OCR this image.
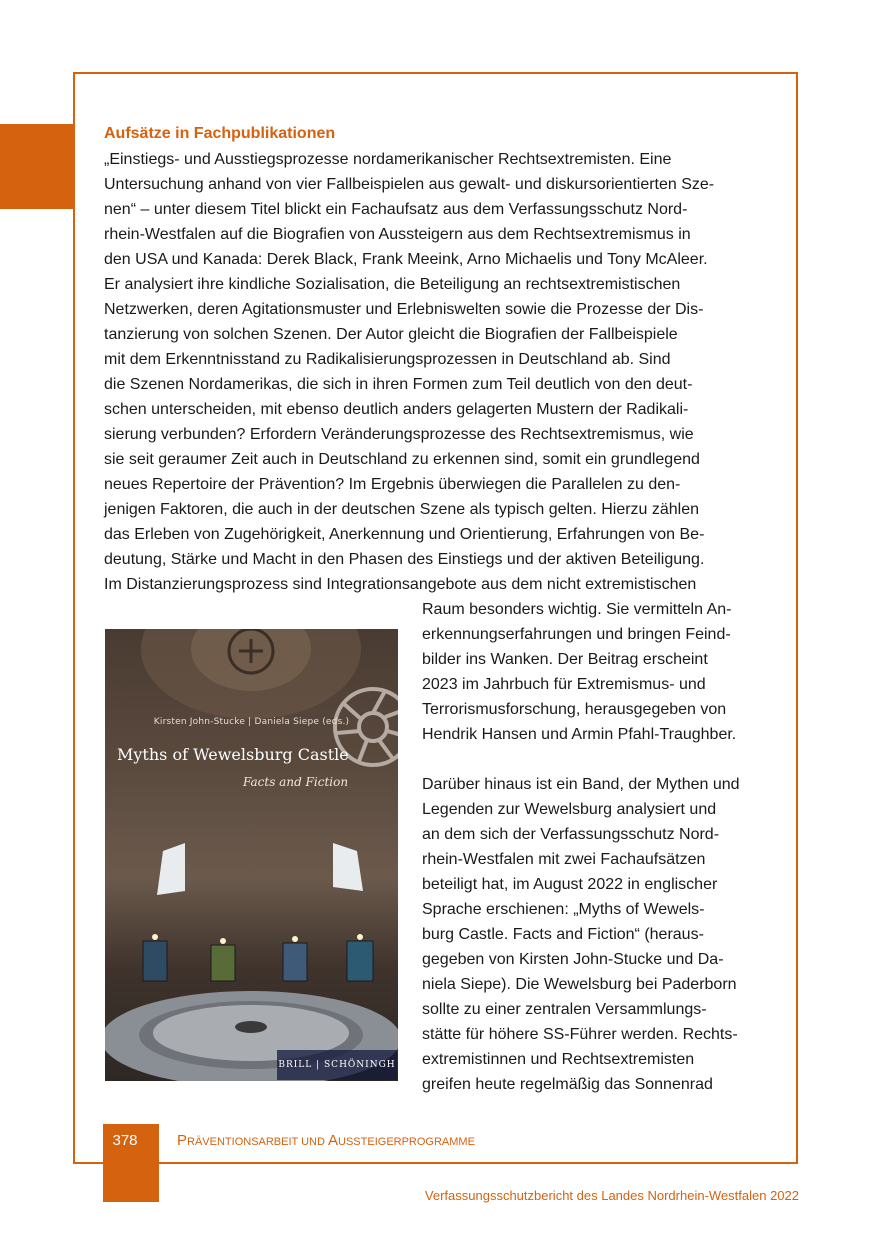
Aufsätze in Fachpublikationen
„Einstiegs- und Ausstiegsprozesse nordamerikanischer Rechtsextremisten. Eine
Untersuchung anhand von vier Fallbeispielen aus gewalt- und diskursorientierten Sze-
nen“ – unter diesem Titel blickt ein Fachaufsatz aus dem Verfassungsschutz Nord-
rhein-Westfalen auf die Biografien von Aussteigern aus dem Rechtsextremismus in
den USA und Kanada: Derek Black, Frank Meeink, Arno Michaelis und Tony McAleer.
Er analysiert ihre kindliche Sozialisation, die Beteiligung an rechtsextremistischen
Netzwerken, deren Agitationsmuster und Erlebniswelten sowie die Prozesse der Dis-
tanzierung von solchen Szenen. Der Autor gleicht die Biografien der Fallbeispiele
mit dem Erkenntnisstand zu Radikalisierungsprozessen in Deutschland ab. Sind
die Szenen Nordamerikas, die sich in ihren Formen zum Teil deutlich von den deut-
schen unterscheiden, mit ebenso deutlich anders gelagerten Mustern der Radikali-
sierung verbunden? Erfordern Veränderungsprozesse des Rechtsextremismus, wie
sie seit geraumer Zeit auch in Deutschland zu erkennen sind, somit ein grundlegend
neues Repertoire der Prävention? Im Ergebnis überwiegen die Parallelen zu den-
jenigen Faktoren, die auch in der deutschen Szene als typisch gelten. Hierzu zählen
das Erleben von Zugehörigkeit, Anerkennung und Orientierung, Erfahrungen von Be-
deutung, Stärke und Macht in den Phasen des Einstiegs und der aktiven Beteiligung.
Im Distanzierungsprozess sind Integrationsangebote aus dem nicht extremistischen
Raum besonders wichtig. Sie vermitteln An-
erkennungserfahrungen und bringen Feind-
bilder ins Wanken. Der Beitrag erscheint
2023 im Jahrbuch für Extremismus- und
Terrorismusforschung, herausgegeben von
Hendrik Hansen und Armin Pfahl-Traughber.
Darüber hinaus ist ein Band, der Mythen und
Legenden zur Wewelsburg analysiert und
an dem sich der Verfassungsschutz Nord-
rhein-Westfalen mit zwei Fachaufsätzen
beteiligt hat, im August 2022 in englischer
Sprache erschienen: „Myths of Wewels-
burg Castle. Facts and Fiction“ (heraus-
gegeben von Kirsten John-Stucke und Da-
niela Siepe). Die Wewelsburg bei Paderborn
sollte zu einer zentralen Versammlungs-
stätte für höhere SS-Führer werden. Rechts-
extremistinnen und Rechtsextremisten
greifen heute regelmäßig das Sonnenrad
Kirsten John-Stucke | Daniela Siepe (eds.)
Myths of Wewelsburg Castle
Facts and Fiction
BRILL | SCHÖNINGH
378	PRÄVENTIONSARBEIT UND AUSSTEIGERPROGRAMME
Verfassungsschutzbericht des Landes Nordrhein-Westfalen 2022
